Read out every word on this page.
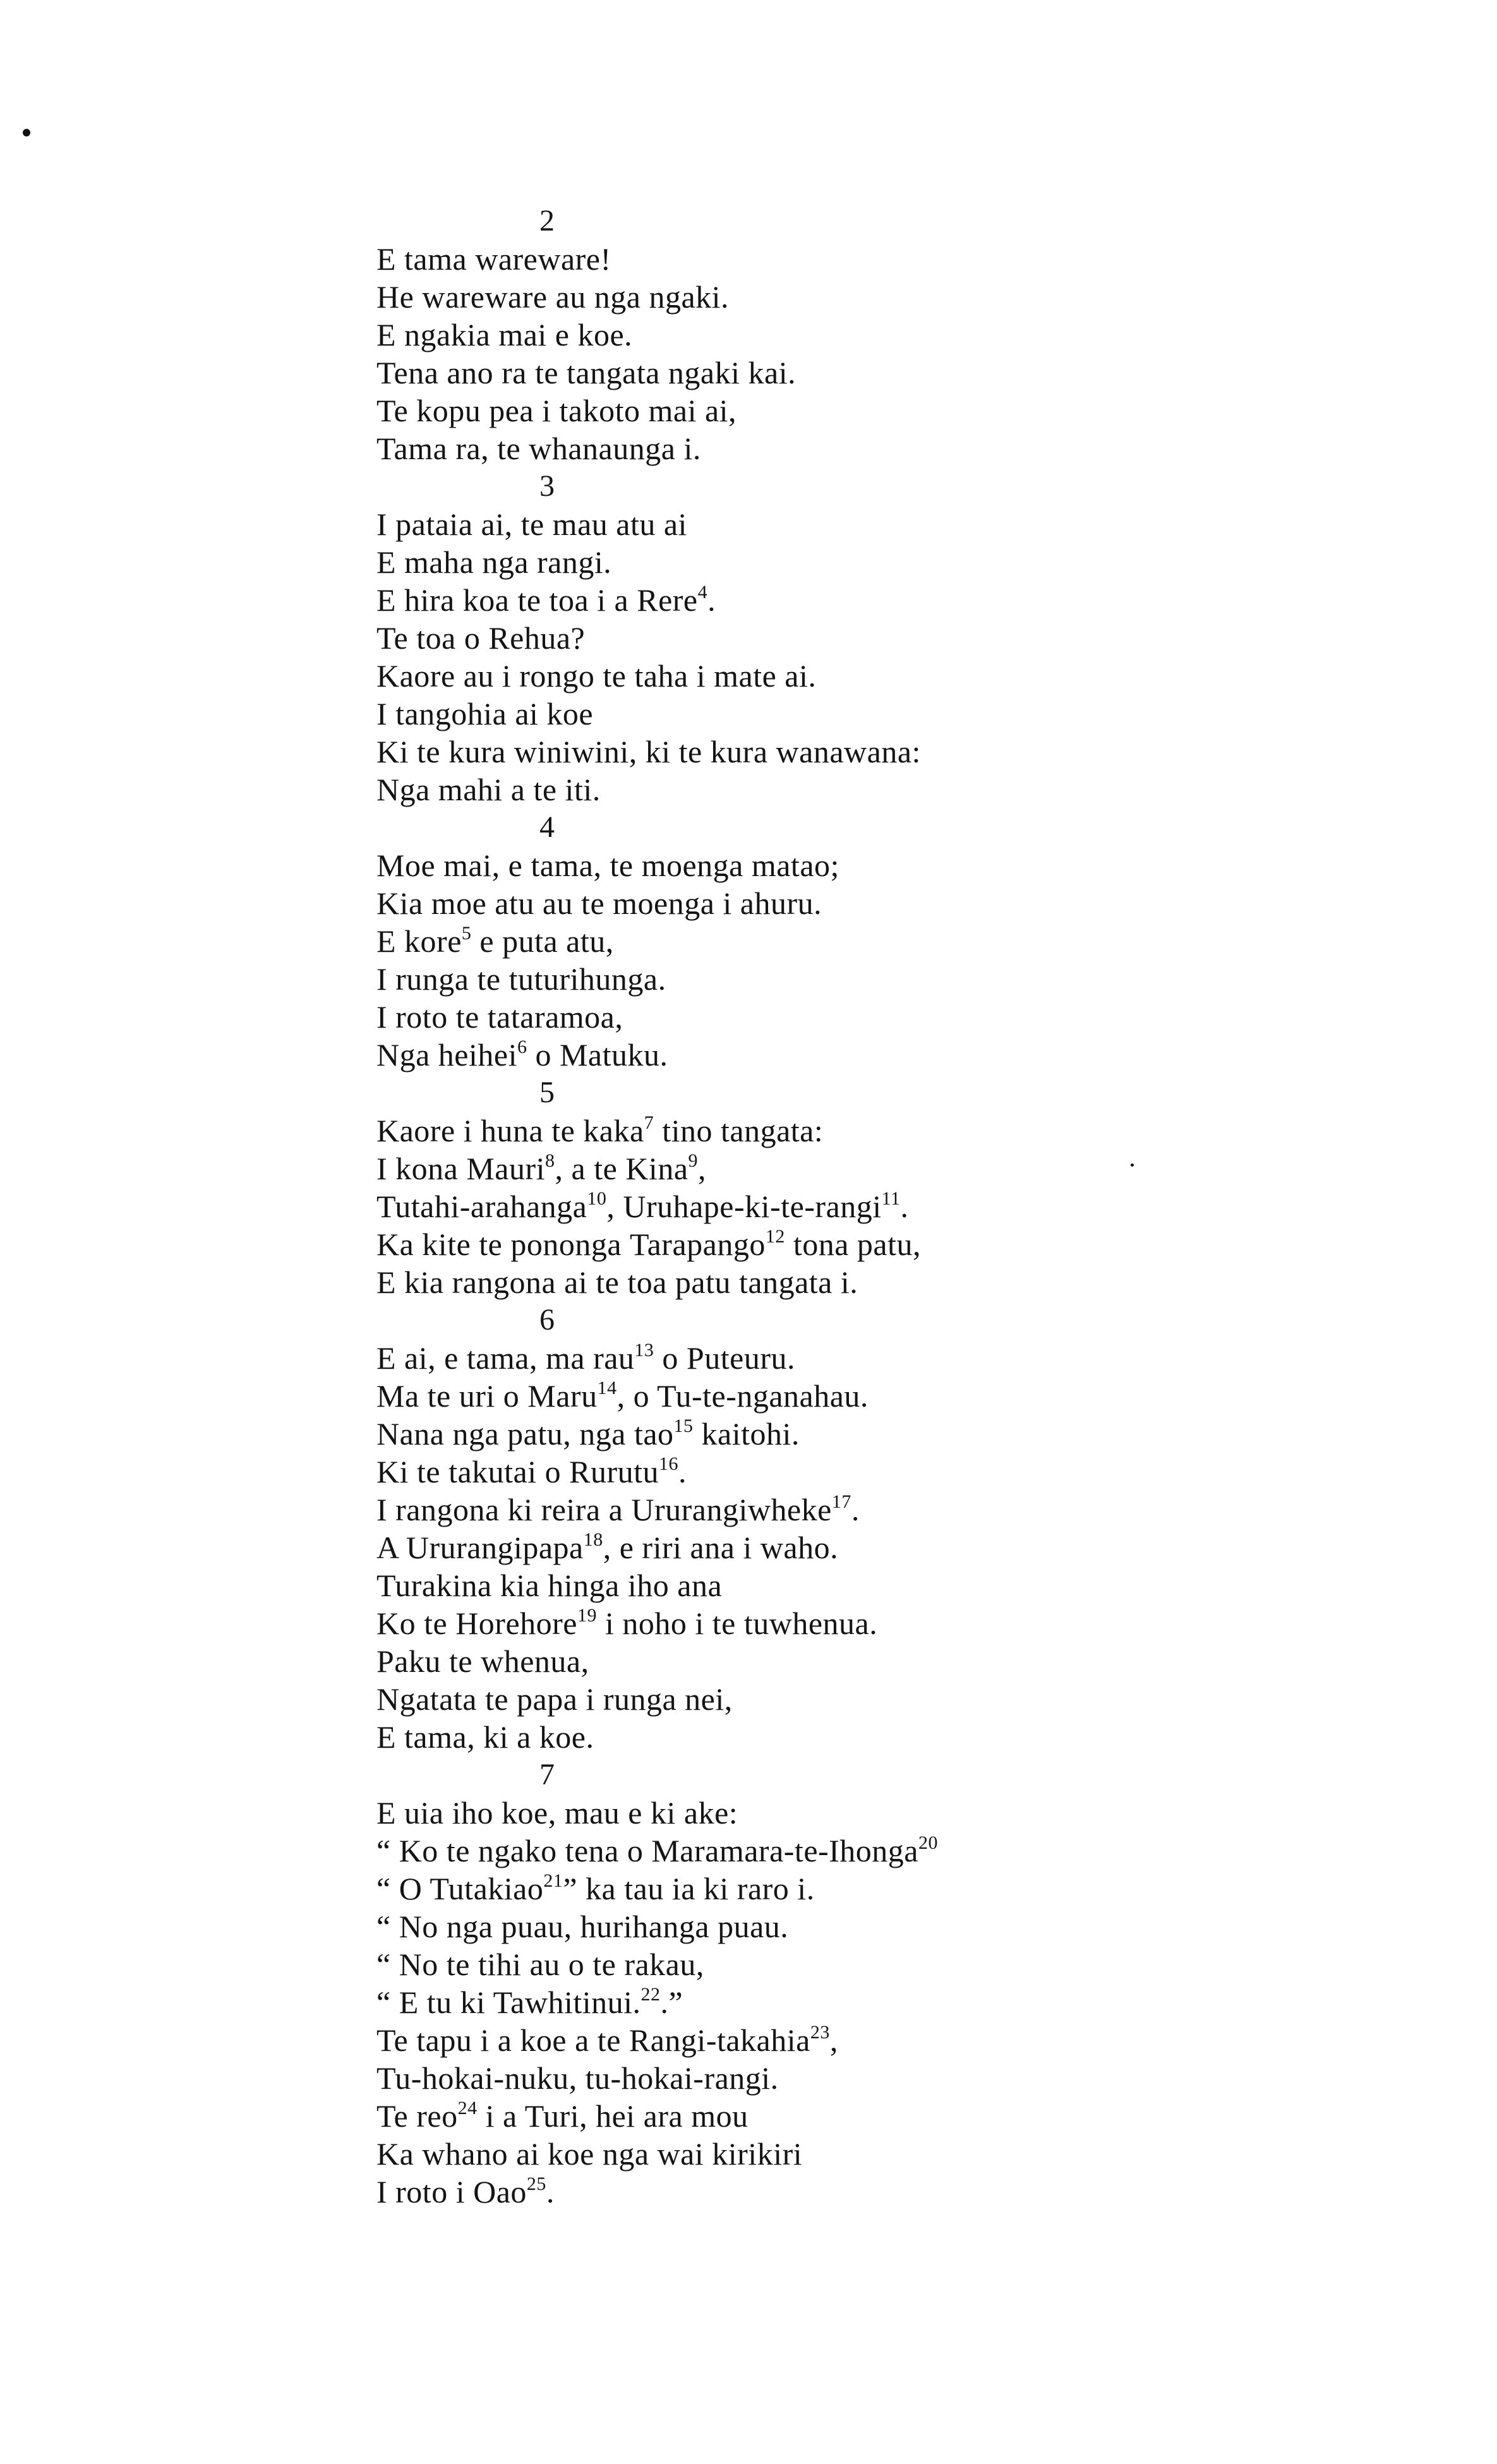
2
E tama wareware!
He wareware au nga ngaki.
E ngakia mai e koe.
Tena ano ra te tangata ngaki kai.
Te kopu pea i takoto mai ai,
Tama ra, te whanaunga i.
3
I pataia ai, te mau atu ai
E maha nga rangi.
E hira koa te toa i a Rere$^4$.
Te toa o Rehua?
Kaore au i rongo te taha i mate ai.
I tangohia ai koe
Ki te kura winiwini, ki te kura wanawana:
Nga mahi a te iti.
4
Moe mai, e tama, te moenga matao;
Kia moe atu au te moenga i ahuru.
E kore$^5$ e puta atu,
I runga te tuturihunga.
I roto te tataramoa,
Nga heihei$^6$ o Matuku.
5
Kaore i huna te kaka$^7$ tino tangata:
I kona Mauri$^8$, a te Kina$^9$,
Tutahi-arahanga$^{10}$, Uruhape-ki-te-rangi$^{11}$.
Ka kite te ponongа Tarapango$^{12}$ tona patu,
E kia rangona ai te toa patu tangata i.
6
E ai, e tama, ma rau$^{13}$ o Puteuru.
Ma te uri o Maru$^{14}$, o Tu-te-nganahau.
Nana nga patu, nga tao$^{15}$ kaitohi.
Ki te takutai o Rurutu$^{16}$.
I rangona ki reira a Ururangiwheke$^{17}$.
A Ururangipapa$^{18}$, e riri ana i waho.
Turakina kia hinga iho ana
Ko te Horehore$^{19}$ i noho i te tuwhenua.
Paku te whenua,
Ngatata te papa i runga nei,
E tama, ki a koe.
7
E uia iho koe, mau e ki ake:
“ Ko te ngako tena o Maramara-te-Ihonga$^{20}$
“ O Tutakiao$^{21}$” ka tau ia ki raro i.
“ No nga puau, hurihanga puau.
“ No te tihi au o te rakau,
“ E tu ki Tawhitinui.$^{22}$.”
Te tapu i a koe a te Rangi-takahia$^{23}$,
Tu-hokai-nuku, tu-hokai-rangi.
Te reo$^{24}$ i a Turi, hei ara mou
Ka whano ai koe nga wai kirikiri
I roto i Oao$^{25}$.
